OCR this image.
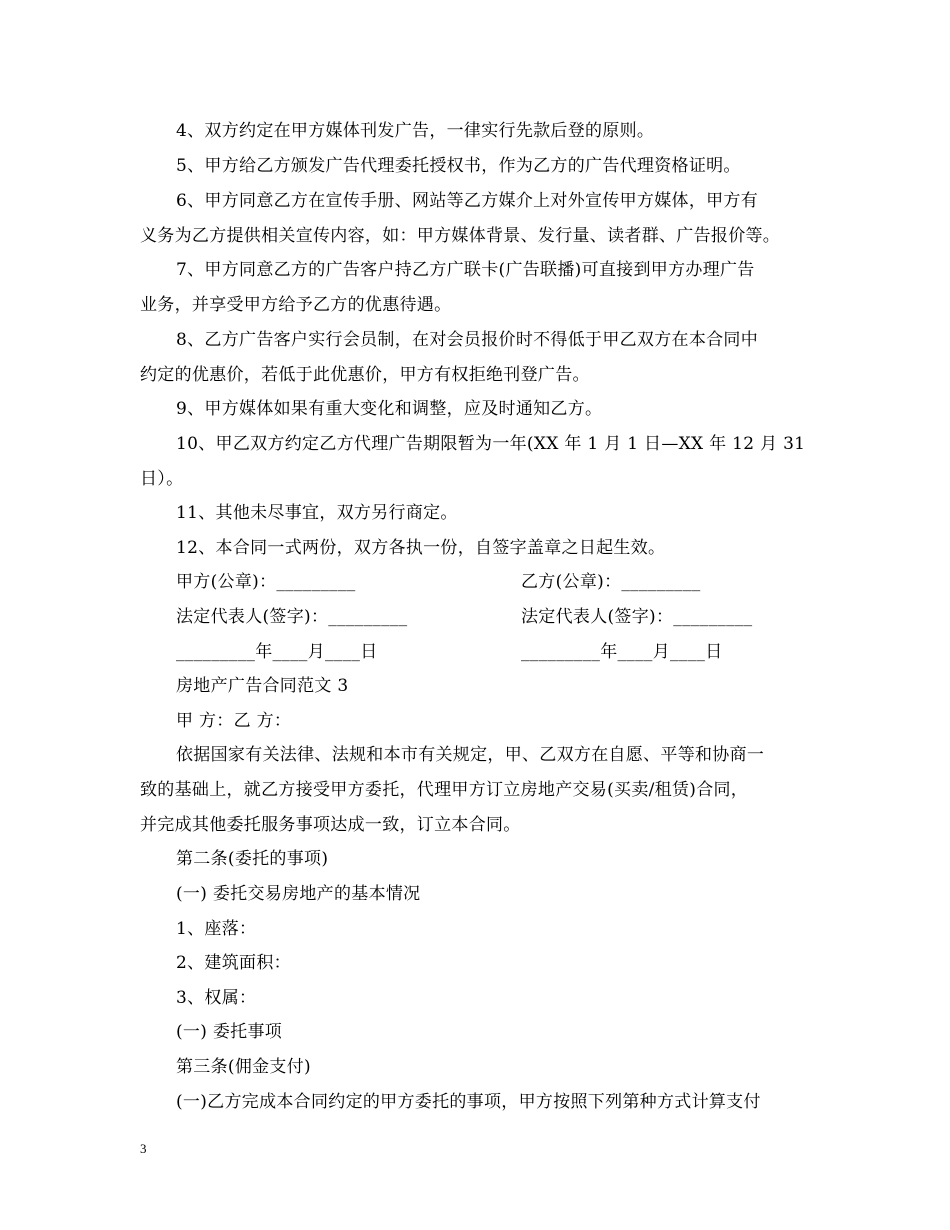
4、双方约定在甲方媒体刊发广告，一律实行先款后登的原则。
5、甲方给乙方颁发广告代理委托授权书，作为乙方的广告代理资格证明。
6、甲方同意乙方在宣传手册、网站等乙方媒介上对外宣传甲方媒体，甲方有
义务为乙方提供相关宣传内容，如：甲方媒体背景、发行量、读者群、广告报价等。
7、甲方同意乙方的广告客户持乙方广联卡(广告联播)可直接到甲方办理广告
业务，并享受甲方给予乙方的优惠待遇。
8、乙方广告客户实行会员制，在对会员报价时不得低于甲乙双方在本合同中
约定的优惠价，若低于此优惠价，甲方有权拒绝刊登广告。
9、甲方媒体如果有重大变化和调整，应及时通知乙方。
10、甲乙双方约定乙方代理广告期限暂为一年(XX 年 1 月 1 日—XX 年 12 月 31
日）。
11、其他未尽事宜，双方另行商定。
12、本合同一式两份，双方各执一份，自签字盖章之日起生效。
甲方(公章)：_________	乙方(公章)：_________
法定代表人(签字)：_________	法定代表人(签字)：_________
_________年____月____日	_________年____月____日
房地产广告合同范文 3
甲 方：乙 方：
依据国家有关法律、法规和本市有关规定，甲、乙双方在自愿、平等和协商一
致的基础上，就乙方接受甲方委托，代理甲方订立房地产交易(买卖/租赁)合同，
并完成其他委托服务事项达成一致，订立本合同。
第二条(委托的事项)
(一) 委托交易房地产的基本情况
1、座落：
2、建筑面积：
3、权属：
(一) 委托事项
第三条(佣金支付)
(一)乙方完成本合同约定的甲方委托的事项，甲方按照下列第种方式计算支付
3
